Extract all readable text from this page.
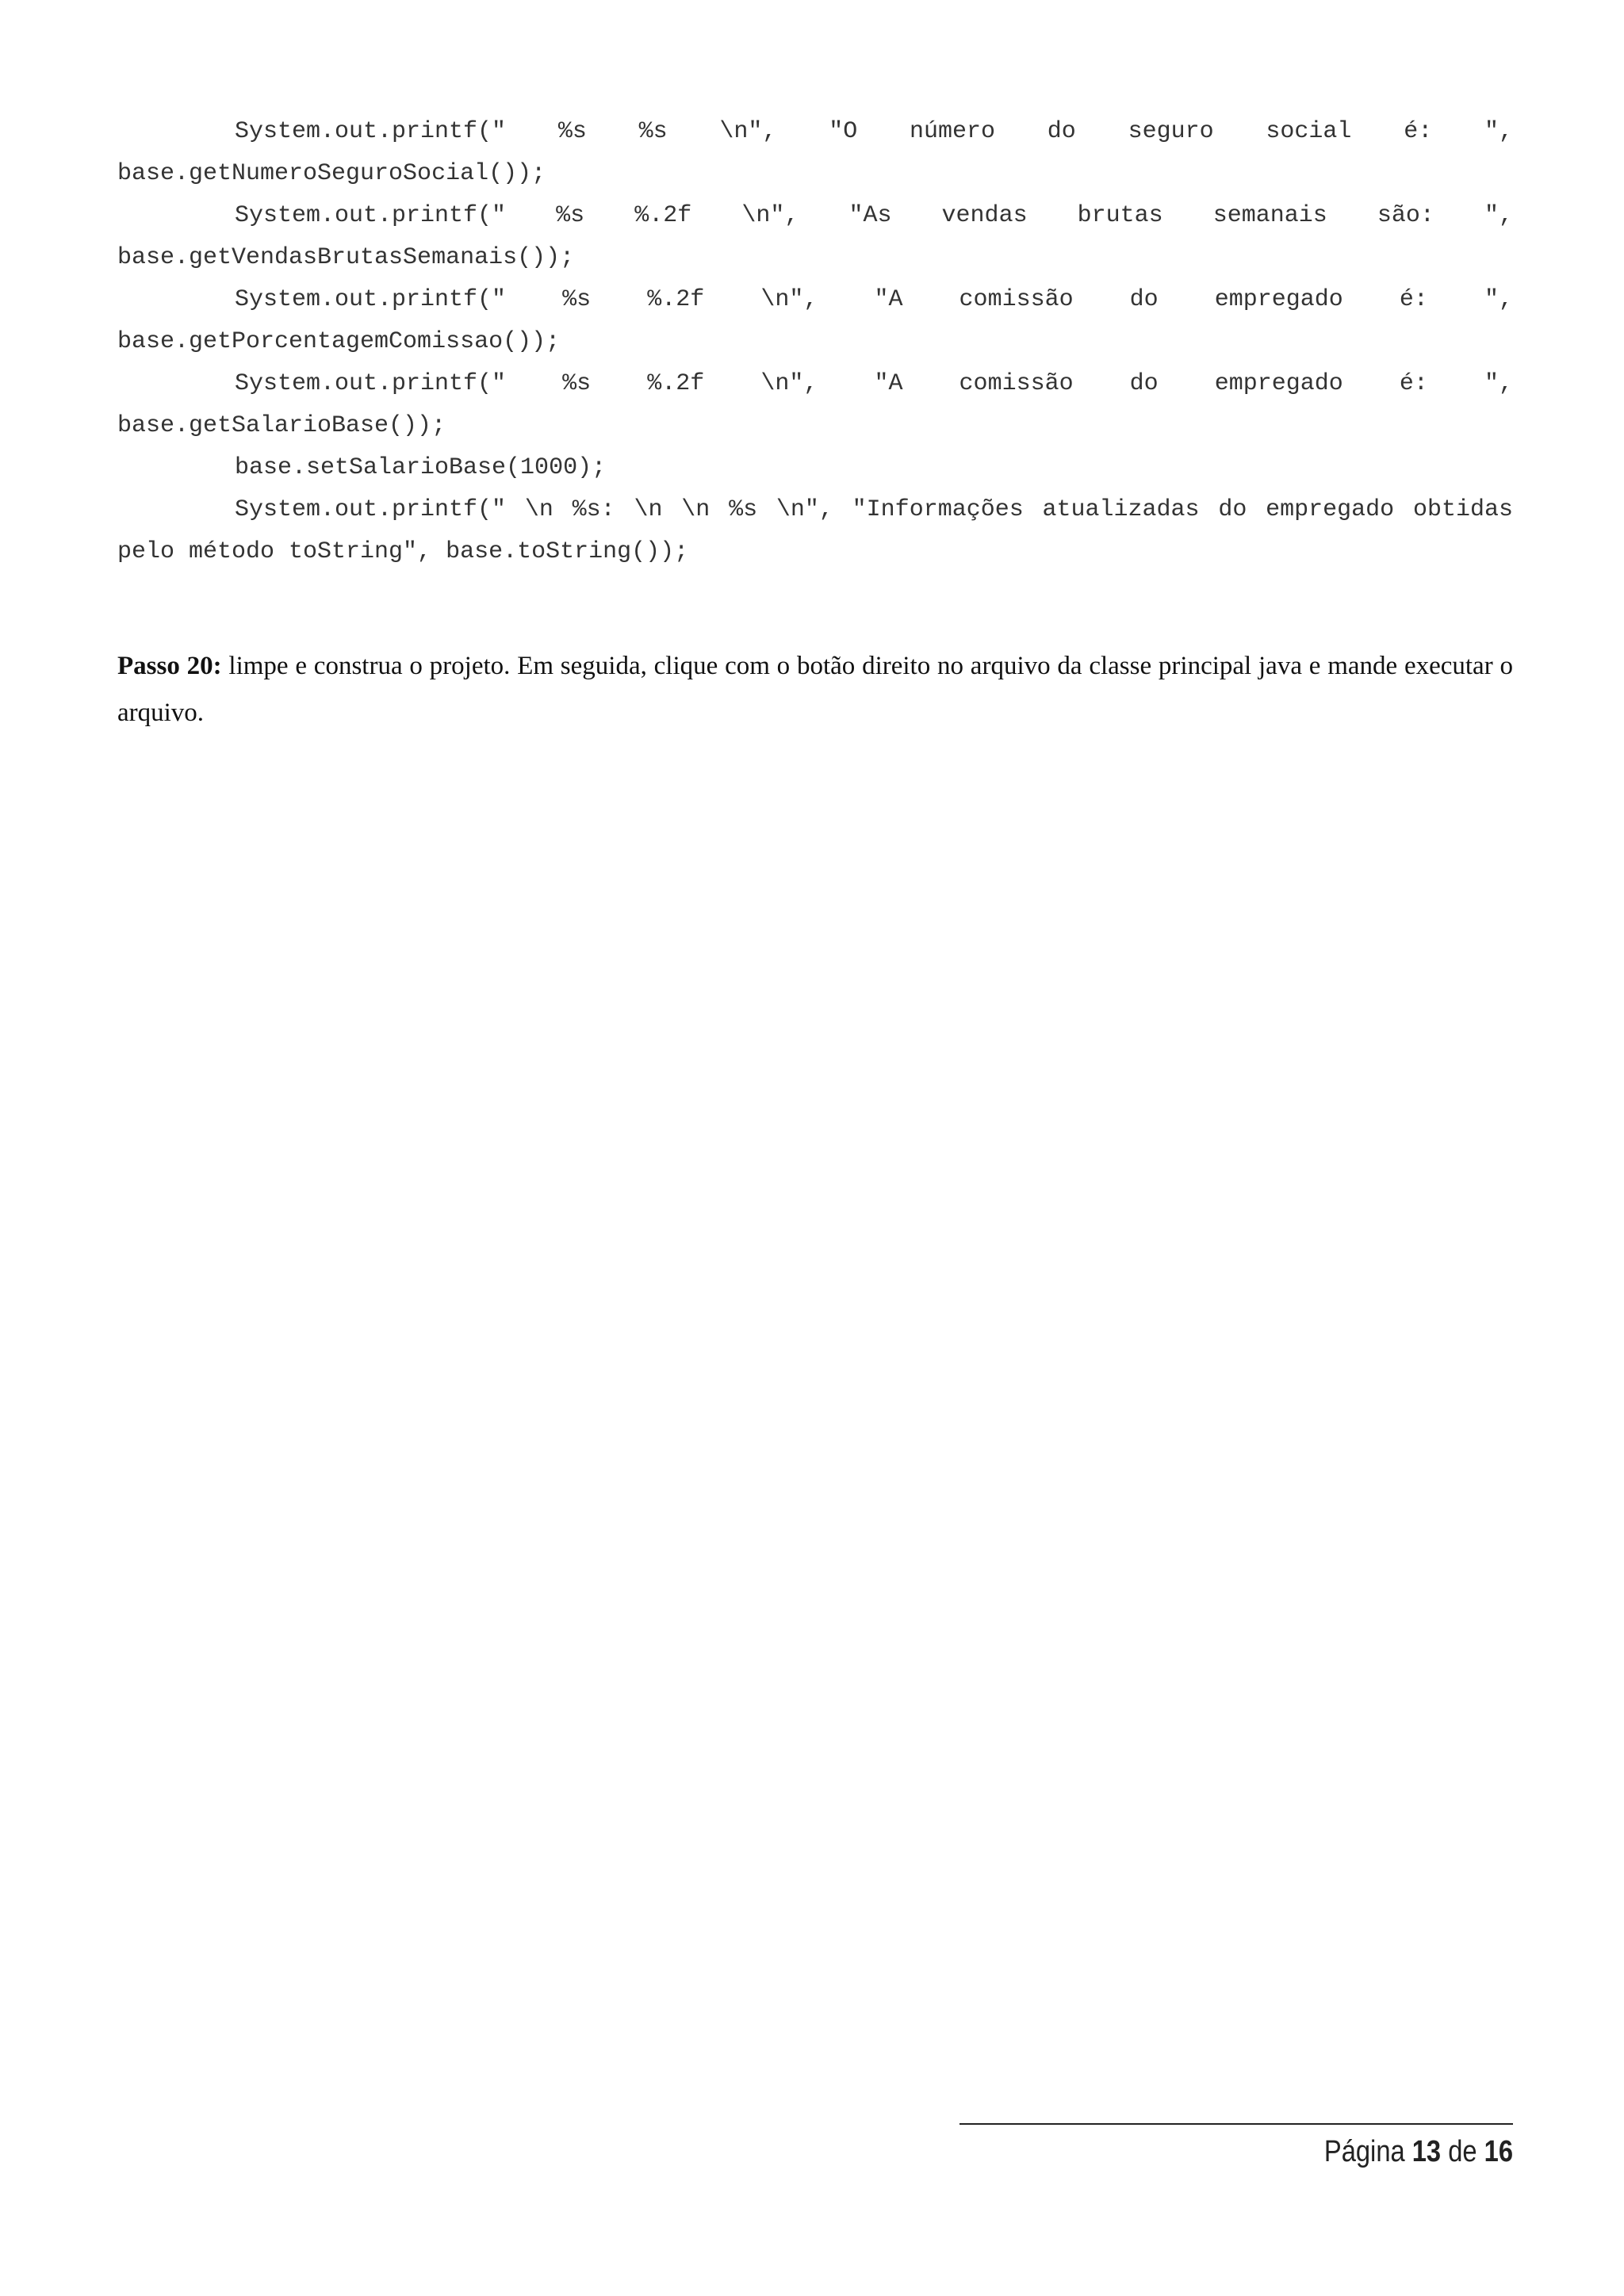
System.out.printf(" %s %s \n", "O número do seguro social é: ",
base.getNumeroSeguroSocial());
System.out.printf(" %s %.2f \n", "As vendas brutas semanais são: ",
base.getVendasBrutasSemanais());
System.out.printf(" %s %.2f \n", "A comissão do empregado é: ",
base.getPorcentagemComissao());
System.out.printf(" %s %.2f \n", "A comissão do empregado é: ",
base.getSalarioBase());
base.setSalarioBase(1000);
System.out.printf(" \n %s: \n \n %s \n", "Informações atualizadas do empregado obtidas
pelo método toString", base.toString());

Passo 20: limpe e construa o projeto. Em seguida, clique com o botão direito no arquivo da classe principal java e mande executar o arquivo.

Página 13 de 16
